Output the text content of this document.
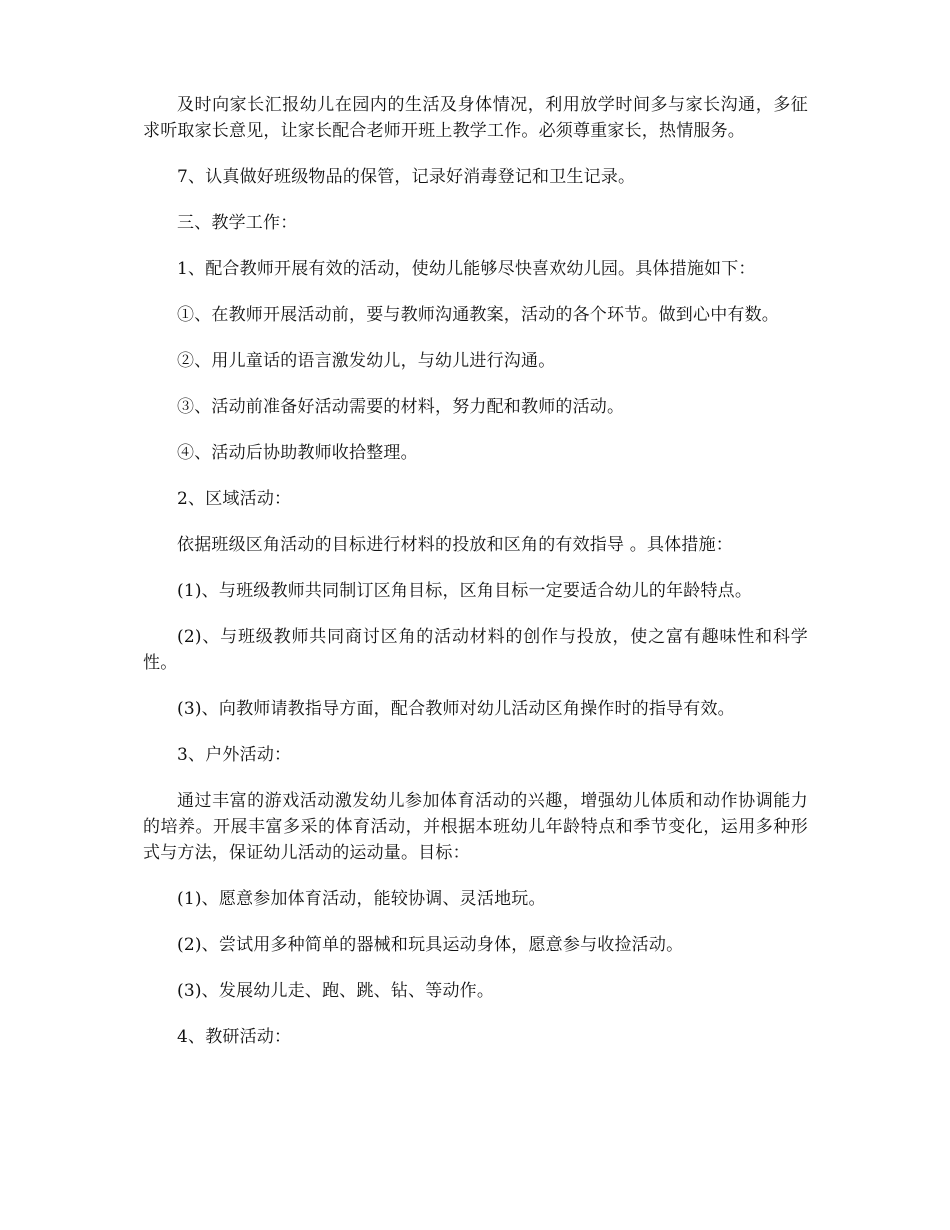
及时向家长汇报幼儿在园内的生活及身体情况，利用放学时间多与家长沟通，多征求听取家长意见，让家长配合老师开班上教学工作。必须尊重家长，热情服务。

7、认真做好班级物品的保管，记录好消毒登记和卫生记录。

三、教学工作：

1、配合教师开展有效的活动，使幼儿能够尽快喜欢幼儿园。具体措施如下：

①、在教师开展活动前，要与教师沟通教案，活动的各个环节。做到心中有数。

②、用儿童话的语言激发幼儿，与幼儿进行沟通。

③、活动前准备好活动需要的材料，努力配和教师的活动。

④、活动后协助教师收拾整理。

2、区域活动：

依据班级区角活动的目标进行材料的投放和区角的有效指导 。具体措施：

(1)、与班级教师共同制订区角目标，区角目标一定要适合幼儿的年龄特点。

(2)、与班级教师共同商讨区角的活动材料的创作与投放，使之富有趣味性和科学性。

(3)、向教师请教指导方面，配合教师对幼儿活动区角操作时的指导有效。

3、户外活动：

通过丰富的游戏活动激发幼儿参加体育活动的兴趣，增强幼儿体质和动作协调能力的培养。开展丰富多采的体育活动，并根据本班幼儿年龄特点和季节变化，运用多种形式与方法，保证幼儿活动的运动量。目标：

(1)、愿意参加体育活动，能较协调、灵活地玩。

(2)、尝试用多种简单的器械和玩具运动身体，愿意参与收捡活动。

(3)、发展幼儿走、跑、跳、钻、等动作。

4、教研活动：
